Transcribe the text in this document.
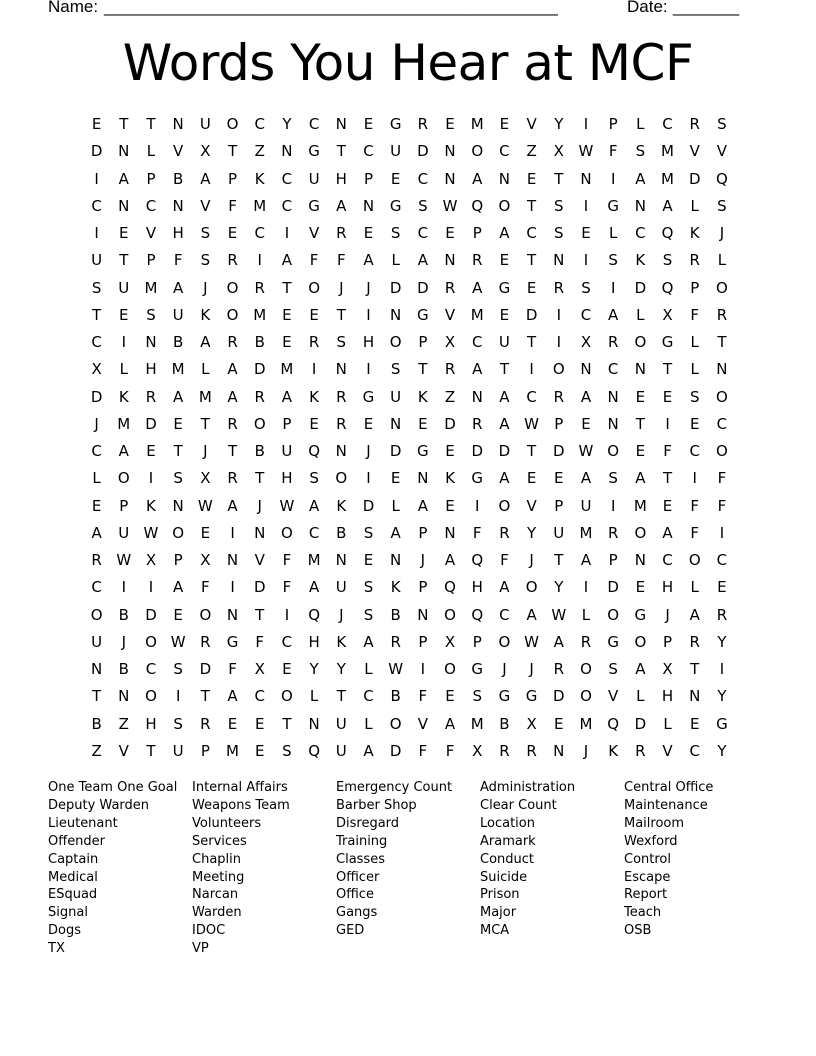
Name: ________________________________________________	Date: _______
Words You Hear at MCF
E	T	T	N	U	O	C	Y	C	N	E	G	R	E	M	E	V	Y	I	P	L	C	R	S
D	N	L	V	X	T	Z	N	G	T	C	U	D	N	O	C	Z	X W	F	S	M	V	V
I	A	P	B	A	P	K	C	U	H	P	E	C	N	A	N	E	T	N	I	A	M D	Q
C	N	C	N	V	F	M	C	G	A	N	G	S	W Q	O	T	S	I	G	N	A	L	S
I	E	V	H	S	E	C	I	V	R	E	S	C	E	P	A	C	S	E	L	C	Q	K	J
U	T	P	F	S	R	I	A	F	F	A	L	A	N	R	E	T	N	I	S	K	S	R	L
S	U	M	A	J	O	R	T	O	J	J	D	D	R	A	G	E	R	S	I	D	Q	P	O
T	E	S	U	K	O M	E	E	T	I	N	G	V	M	E	D	I	C	A	L	X	F	R
C	I	N	B	A	R	B	E	R	S	H	O	P	X	C	U	T	I	X	R	O	G	L	T
X	L	H	M	L	A	D M	I	N	I	S	T	R	A	T	I	O	N	C	N	T	L	N
D	K	R	A	M	A	R	A	K	R	G	U	K	Z	N	A	C	R	A	N	E	E	S	O
J	M D	E	T	R	O	P	E	R	E	N	E	D	R	A W	P	E	N	T	I	E	C
C	A	E	T	J	T	B	U	Q	N	J	D	G	E	D	D	T	D W O	E	F	C	O
L	O	I	S	X	R	T	H	S	O	I	E	N	K	G	A	E	E	A	S	A	T	I	F
E	P	K	N W A	J	W A	K	D	L	A	E	I	O	V	P	U	I	M	E	F	F
A	U W O	E	I	N	O	C	B	S	A	P	N	F	R	Y	U	M	R	O	A	F	I
R W X	P	X	N	V	F	M	N	E	N	J	A	Q	F	J	T	A	P	N	C	O	C
C	I	I	A	F	I	D	F	A	U	S	K	P	Q	H	A	O	Y	I	D	E	H	L	E
O	B	D	E	O	N	T	I	Q	J	S	B	N	O	Q	C	A W	L	O	G	J	A	R
U	J	O W R	G	F	C	H	K	A	R	P	X	P	O W A	R	G	O	P	R	Y
N	B	C	S	D	F	X	E	Y	Y	L	W	I	O	G	J	J	R	O	S	A	X	T	I
T	N	O	I	T	A	C	O	L	T	C	B	F	E	S	G	G	D	O	V	L	H	N	Y
B	Z	H	S	R	E	E	T	N	U	L	O	V	A	M	B	X	E	M Q	D	L	E	G
Z	V	T	U	P	M	E	S	Q	U	A	D	F	F	X	R	R	N	J	K	R	V	C	Y
One Team One Goal
Deputy Warden
Lieutenant
Offender
Captain
Medical
ESquad
Signal
Dogs
TX
Internal Affairs
Weapons Team
Volunteers
Services
Chaplin
Meeting
Narcan
Warden
IDOC
VP
Emergency Count
Barber Shop
Disregard
Training
Classes
Officer
Office
Gangs
GED
Administration
Clear Count
Location
Aramark
Conduct
Suicide
Prison
Major
MCA
Central Office
Maintenance
Mailroom
Wexford
Control
Escape
Report
Teach
OSB
